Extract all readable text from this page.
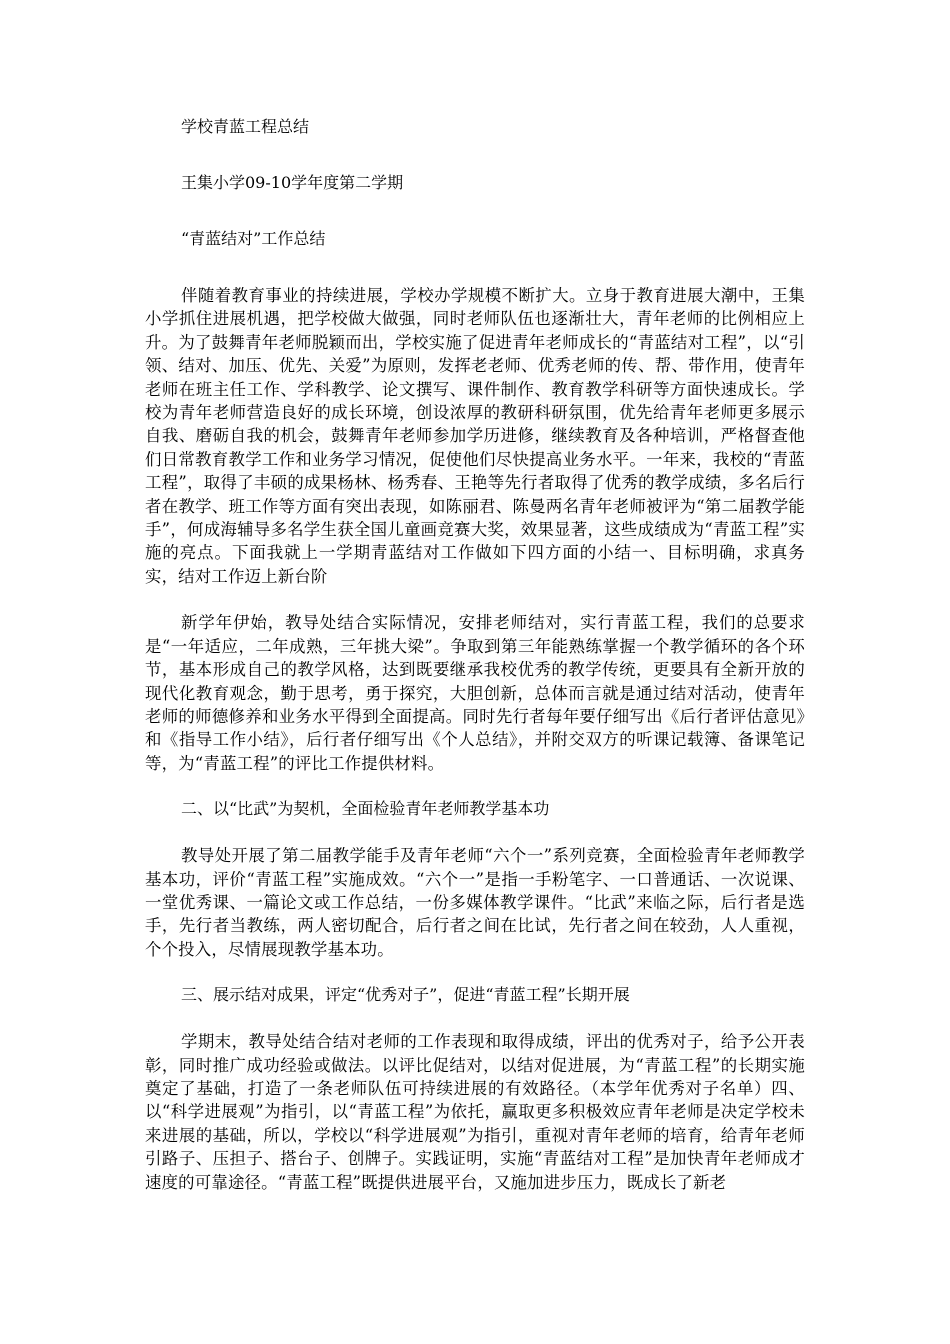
学校青蓝工程总结

王集小学09-10学年度第二学期

“青蓝结对”工作总结

伴随着教育事业的持续进展，学校办学规模不断扩大。立身于教育进展大潮中，王集小学抓住进展机遇，把学校做大做强，同时老师队伍也逐渐壮大，青年老师的比例相应上升。为了鼓舞青年老师脱颖而出，学校实施了促进青年老师成长的“青蓝结对工程”，以“引领、结对、加压、优先、关爱”为原则，发挥老老师、优秀老师的传、帮、带作用，使青年老师在班主任工作、学科教学、论文撰写、课件制作、教育教学科研等方面快速成长。学校为青年老师营造良好的成长环境，创设浓厚的教研科研氛围，优先给青年老师更多展示自我、磨砺自我的机会，鼓舞青年老师参加学历进修，继续教育及各种培训，严格督查他们日常教育教学工作和业务学习情况，促使他们尽快提高业务水平。一年来，我校的“青蓝工程”，取得了丰硕的成果杨林、杨秀春、王艳等先行者取得了优秀的教学成绩，多名后行者在教学、班工作等方面有突出表现，如陈丽君、陈曼两名青年老师被评为“第二届教学能手”，何成海辅导多名学生获全国儿童画竞赛大奖，效果显著，这些成绩成为“青蓝工程”实施的亮点。下面我就上一学期青蓝结对工作做如下四方面的小结一、目标明确，求真务实，结对工作迈上新台阶

新学年伊始，教导处结合实际情况，安排老师结对，实行青蓝工程，我们的总要求是“一年适应，二年成熟，三年挑大梁”。争取到第三年能熟练掌握一个教学循环的各个环节，基本形成自己的教学风格，达到既要继承我校优秀的教学传统，更要具有全新开放的现代化教育观念，勤于思考，勇于探究，大胆创新，总体而言就是通过结对活动，使青年老师的师德修养和业务水平得到全面提高。同时先行者每年要仔细写出《后行者评估意见》和《指导工作小结》，后行者仔细写出《个人总结》，并附交双方的听课记载簿、备课笔记等，为“青蓝工程”的评比工作提供材料。

二、以“比武”为契机，全面检验青年老师教学基本功

教导处开展了第二届教学能手及青年老师“六个一”系列竞赛，全面检验青年老师教学基本功，评价“青蓝工程”实施成效。“六个一”是指一手粉笔字、一口普通话、一次说课、一堂优秀课、一篇论文或工作总结，一份多媒体教学课件。“比武”来临之际，后行者是选手，先行者当教练，两人密切配合，后行者之间在比试，先行者之间在较劲，人人重视，个个投入，尽情展现教学基本功。

三、展示结对成果，评定“优秀对子”，促进“青蓝工程”长期开展

学期末，教导处结合结对老师的工作表现和取得成绩，评出的优秀对子，给予公开表彰，同时推广成功经验或做法。以评比促结对，以结对促进展，为“青蓝工程”的长期实施奠定了基础，打造了一条老师队伍可持续进展的有效路径。（本学年优秀对子名单）四、以“科学进展观”为指引，以“青蓝工程”为依托，赢取更多积极效应青年老师是决定学校未来进展的基础，所以，学校以“科学进展观”为指引，重视对青年老师的培育，给青年老师引路子、压担子、搭台子、创牌子。实践证明，实施“青蓝结对工程”是加快青年老师成才速度的可靠途径。“青蓝工程”既提供进展平台，又施加进步压力，既成长了新老
